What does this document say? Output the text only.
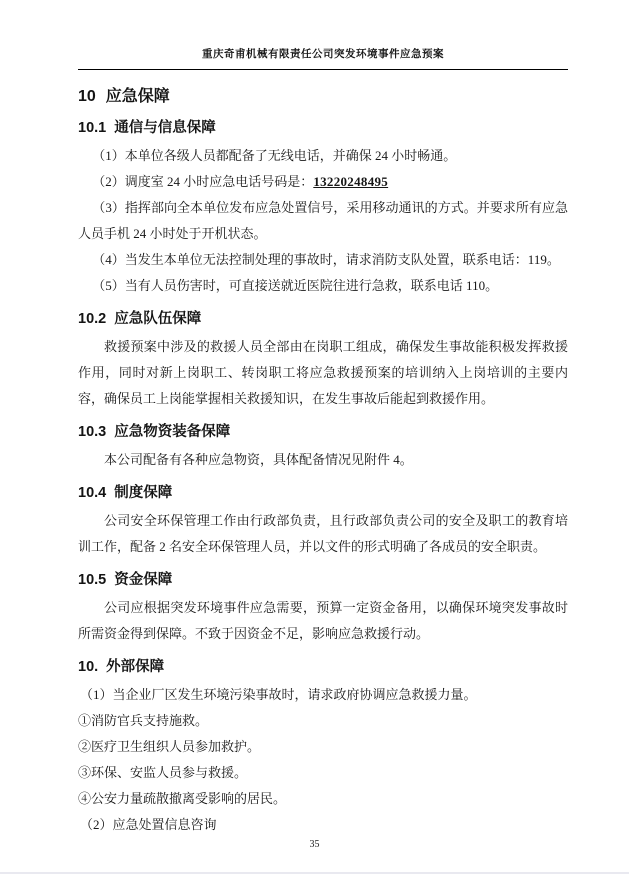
重庆奇甫机械有限责任公司突发环境事件应急预案
10 应急保障
10.1 通信与信息保障

（1）本单位各级人员都配备了无线电话，并确保 24 小时畅通。

（2）调度室 24 小时应急电话号码是：13220248495

（3）指挥部向全本单位发布应急处置信号，采用移动通讯的方式。并要求所有应急人员手机 24 小时处于开机状态。

（4）当发生本单位无法控制处理的事故时，请求消防支队处置，联系电话：119。

（5）当有人员伤害时，可直接送就近医院往进行急救，联系电话 110。

10.2 应急队伍保障

救援预案中涉及的救援人员全部由在岗职工组成，确保发生事故能积极发挥救援作用，同时对新上岗职工、转岗职工将应急救援预案的培训纳入上岗培训的主要内容，确保员工上岗能掌握相关救援知识，在发生事故后能起到救援作用。

10.3 应急物资装备保障

本公司配备有各种应急物资，具体配备情况见附件 4。

10.4 制度保障

公司安全环保管理工作由行政部负责，且行政部负责公司的安全及职工的教育培训工作，配备 2 名安全环保管理人员，并以文件的形式明确了各成员的安全职责。

10.5 资金保障

公司应根据突发环境事件应急需要，预算一定资金备用，以确保环境突发事故时所需资金得到保障。不致于因资金不足，影响应急救援行动。

10. 外部保障

（1）当企业厂区发生环境污染事故时，请求政府协调应急救援力量。

①消防官兵支持施救。

②医疗卫生组织人员参加救护。

③环保、安监人员参与救援。

④公安力量疏散撤离受影响的居民。

（2）应急处置信息咨询

35
